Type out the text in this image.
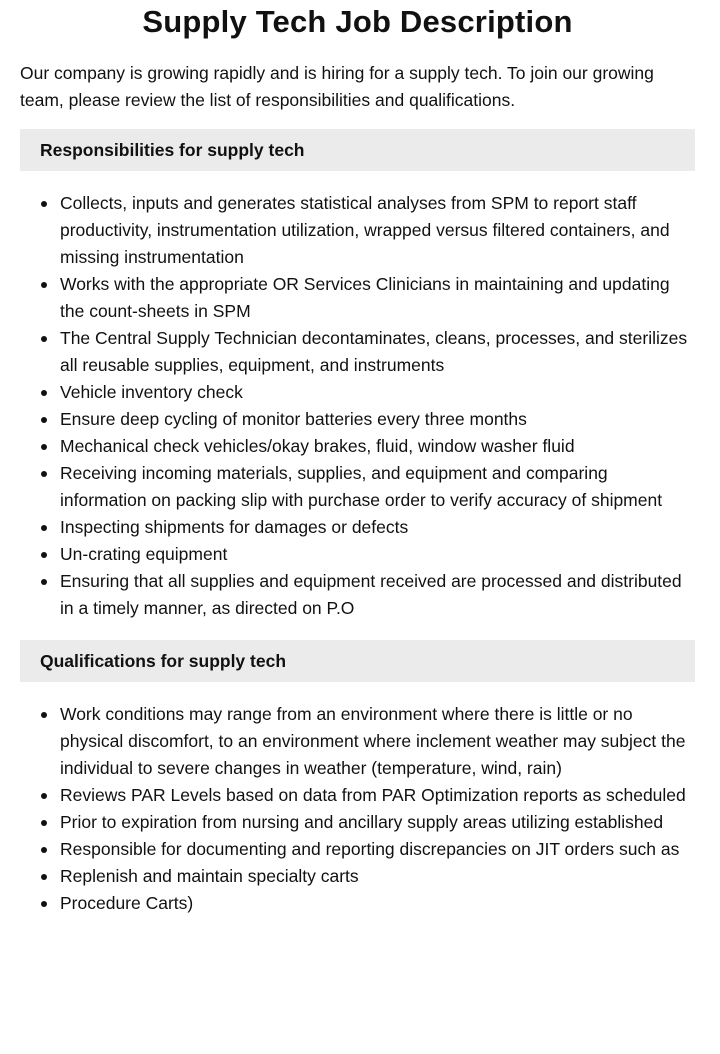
Supply Tech Job Description

Our company is growing rapidly and is hiring for a supply tech. To join our growing team, please review the list of responsibilities and qualifications.

Responsibilities for supply tech
Collects, inputs and generates statistical analyses from SPM to report staff productivity, instrumentation utilization, wrapped versus filtered containers, and missing instrumentation
Works with the appropriate OR Services Clinicians in maintaining and updating the count-sheets in SPM
The Central Supply Technician decontaminates, cleans, processes, and sterilizes all reusable supplies, equipment, and instruments
Vehicle inventory check
Ensure deep cycling of monitor batteries every three months
Mechanical check vehicles/okay brakes, fluid, window washer fluid
Receiving incoming materials, supplies, and equipment and comparing information on packing slip with purchase order to verify accuracy of shipment
Inspecting shipments for damages or defects
Un-crating equipment
Ensuring that all supplies and equipment received are processed and distributed in a timely manner, as directed on P.O
Qualifications for supply tech
Work conditions may range from an environment where there is little or no physical discomfort, to an environment where inclement weather may subject the individual to severe changes in weather (temperature, wind, rain)
Reviews PAR Levels based on data from PAR Optimization reports as scheduled
Prior to expiration from nursing and ancillary supply areas utilizing established
Responsible for documenting and reporting discrepancies on JIT orders such as
Replenish and maintain specialty carts
Procedure Carts)
